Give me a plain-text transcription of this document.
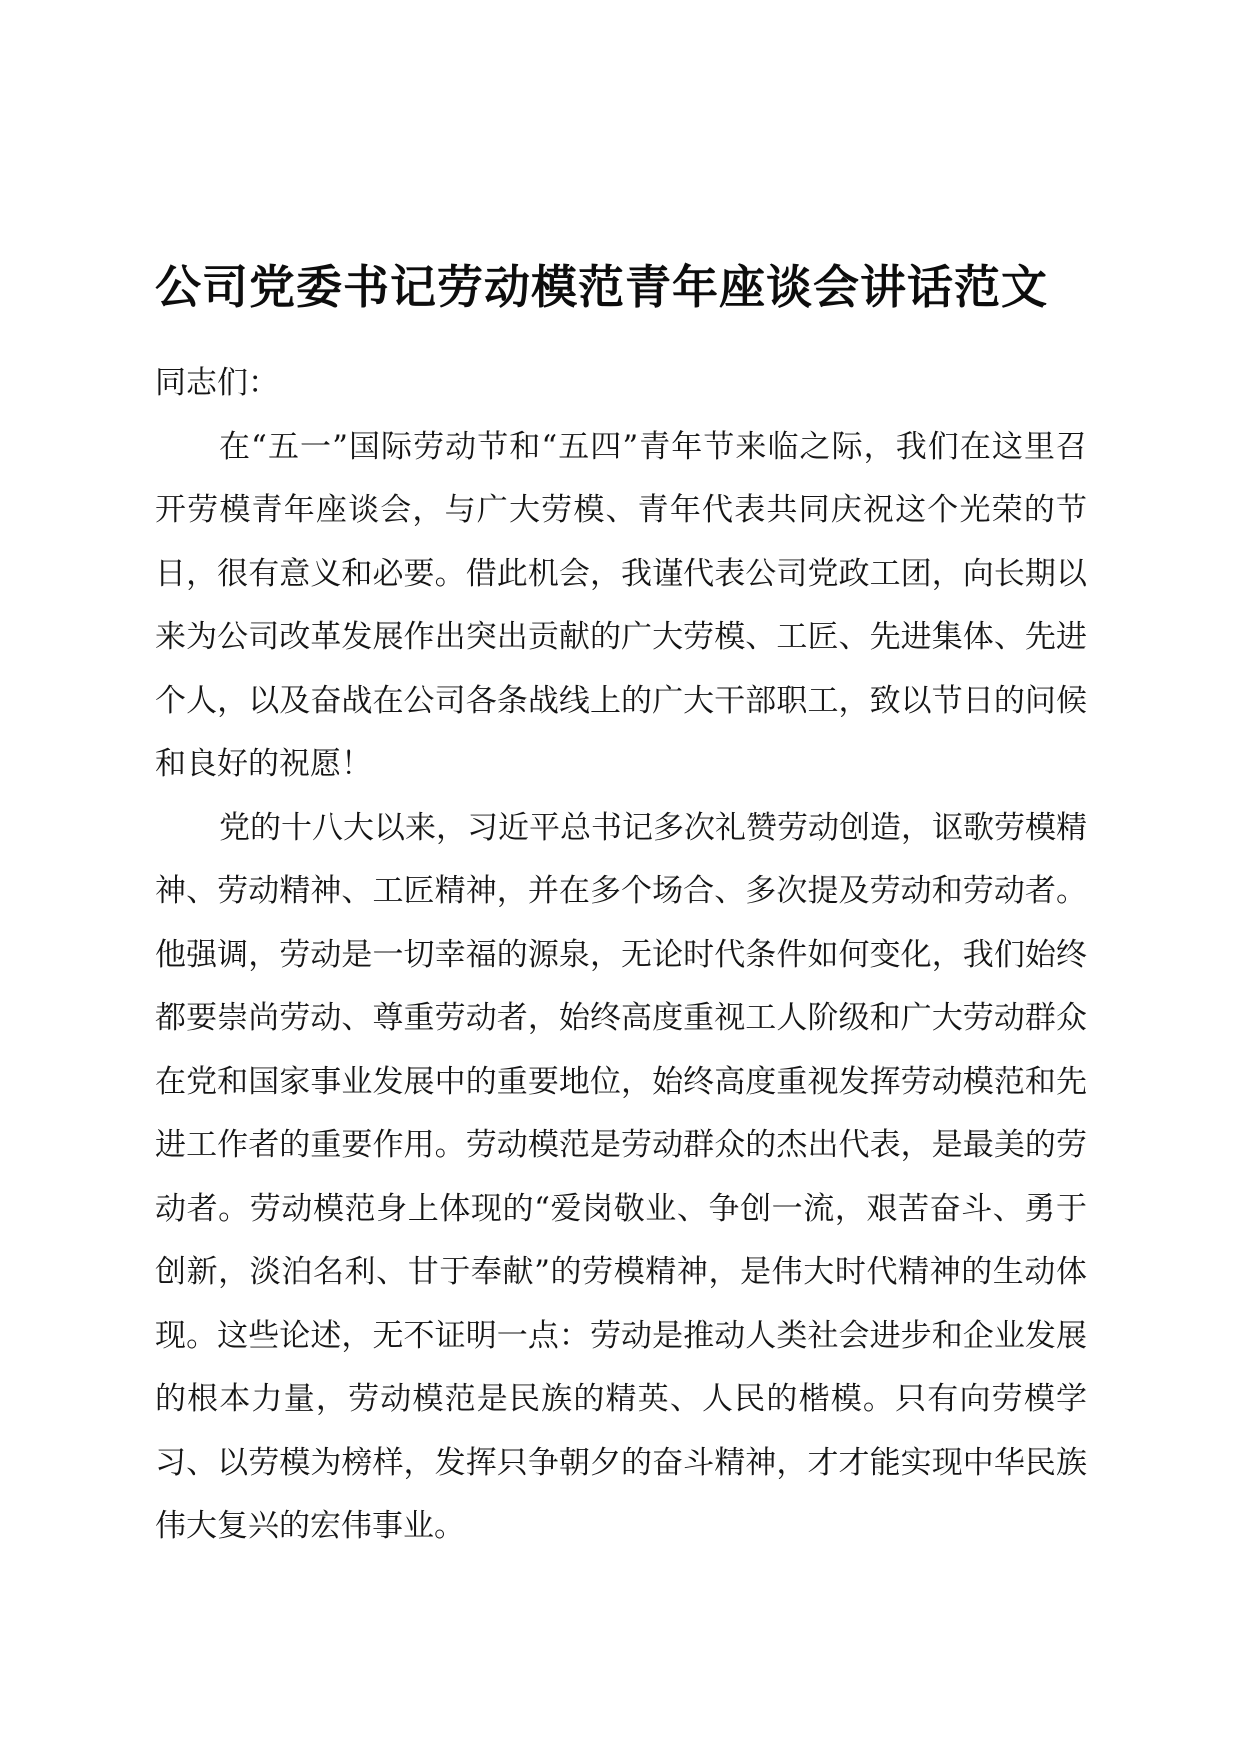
公司党委书记劳动模范青年座谈会讲话范文

同志们：

在“五一”国际劳动节和“五四”青年节来临之际，我们在这里召开劳模青年座谈会，与广大劳模、青年代表共同庆祝这个光荣的节日，很有意义和必要。借此机会，我谨代表公司党政工团，向长期以来为公司改革发展作出突出贡献的广大劳模、工匠、先进集体、先进个人，以及奋战在公司各条战线上的广大干部职工，致以节日的问候和良好的祝愿！

党的十八大以来，习近平总书记多次礼赞劳动创造，讴歌劳模精神、劳动精神、工匠精神，并在多个场合、多次提及劳动和劳动者。他强调，劳动是一切幸福的源泉，无论时代条件如何变化，我们始终都要崇尚劳动、尊重劳动者，始终高度重视工人阶级和广大劳动群众在党和国家事业发展中的重要地位，始终高度重视发挥劳动模范和先进工作者的重要作用。劳动模范是劳动群众的杰出代表，是最美的劳动者。劳动模范身上体现的“爱岗敬业、争创一流，艰苦奋斗、勇于创新，淡泊名利、甘于奉献”的劳模精神，是伟大时代精神的生动体现。这些论述，无不证明一点：劳动是推动人类社会进步和企业发展的根本力量，劳动模范是民族的精英、人民的楷模。只有向劳模学习、以劳模为榜样，发挥只争朝夕的奋斗精神，才才能实现中华民族伟大复兴的宏伟事业。
